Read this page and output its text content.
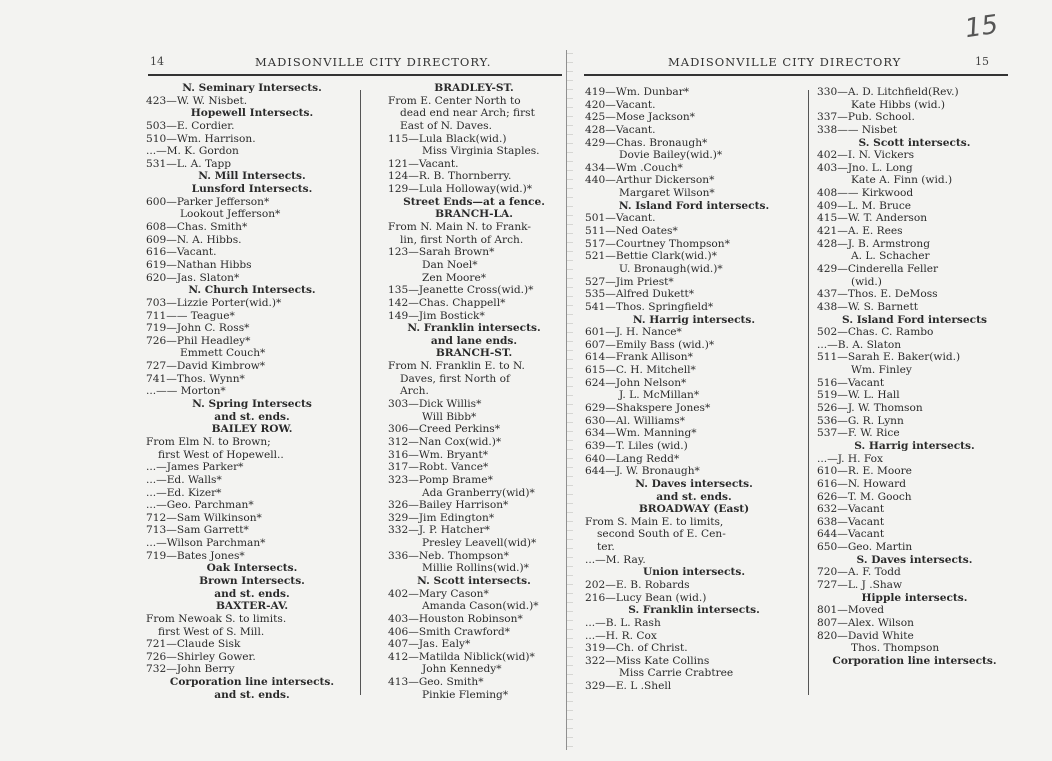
14	MADISONVILLE CITY DIRECTORY.
N. Seminary Intersects.
423—W. W. Nisbet.
Hopewell Intersects.
503—E. Cordier.
510—Wm. Harrison.
...—M. K. Gordon
531—L. A. Tapp
N. Mill Intersects.
Lunsford Intersects.
600—Parker Jefferson*
Lookout Jefferson*
608—Chas. Smith*
609—N. A. Hibbs.
616—Vacant.
619—Nathan Hibbs
620—Jas. Slaton*
N. Church Intersects.
703—Lizzie Porter(wid.)*
711—— Teague*
719—John C. Ross*
726—Phil Headley*
Emmett Couch*
727—David Kimbrow*
741—Thos. Wynn*
...—— Morton*
N. Spring Intersects
and st. ends.
BAILEY ROW.
From Elm N. to Brown;
first West of Hopewell..
...—James Parker*
...—Ed. Walls*
...—Ed. Kizer*
...—Geo. Parchman*
712—Sam Wilkinson*
713—Sam Garrett*
...—Wilson Parchman*
719—Bates Jones*
Oak Intersects.
Brown Intersects.
and st. ends.
BAXTER-AV.
From Newoak S. to limits.
first West of S. Mill.
721—Claude Sisk
726—Shirley Gower.
732—John Berry
Corporation line intersects.
and st. ends.
BRADLEY-ST.
From E. Center North to
dead end near Arch; first
East of N. Daves.
115—Lula Black(wid.)
Miss Virginia Staples.
121—Vacant.
124—R. B. Thornberry.
129—Lula Holloway(wid.)*
Street Ends—at a fence.
BRANCH-LA.
From N. Main N. to Frank-
lin, first North of Arch.
123—Sarah Brown*
Dan Noel*
Zen Moore*
135—Jeanette Cross(wid.)*
142—Chas. Chappell*
149—Jim Bostick*
N. Franklin intersects.
and lane ends.
BRANCH-ST.
From N. Franklin E. to N.
Daves, first North of
Arch.
303—Dick Willis*
Will Bibb*
306—Creed Perkins*
312—Nan Cox(wid.)*
316—Wm. Bryant*
317—Robt. Vance*
323—Pomp Brame*
Ada Granberry(wid)*
326—Bailey Harrison*
329—Jim Edington*
332—J. P. Hatcher*
Presley Leavell(wid)*
336—Neb. Thompson*
Millie Rollins(wid.)*
N. Scott intersects.
402—Mary Cason*
Amanda Cason(wid.)*
403—Houston Robinson*
406—Smith Crawford*
407—Jas. Ealy*
412—Matilda Niblick(wid)*
John Kennedy*
413—Geo. Smith*
Pinkie Fleming*
15
MADISONVILLE CITY DIRECTORY	15
419—Wm. Dunbar*
420—Vacant.
425—Mose Jackson*
428—Vacant.
429—Chas. Bronaugh*
Dovie Bailey(wid.)*
434—Wm .Couch*
440—Arthur Dickerson*
Margaret Wilson*
N. Island Ford intersects.
501—Vacant.
511—Ned Oates*
517—Courtney Thompson*
521—Bettie Clark(wid.)*
U. Bronaugh(wid.)*
527—Jim Priest*
535—Alfred Dukett*
541—Thos. Springfield*
N. Harrig intersects.
601—J. H. Nance*
607—Emily Bass (wid.)*
614—Frank Allison*
615—C. H. Mitchell*
624—John Nelson*
J. L. McMillan*
629—Shakspere Jones*
630—Al. Williams*
634—Wm. Manning*
639—T. Liles (wid.)
640—Lang Redd*
644—J. W. Bronaugh*
N. Daves intersects.
and st. ends.
BROADWAY (East)
From S. Main E. to limits,
second South of E. Cen-
ter.
...—M. Ray.
Union intersects.
202—E. B. Robards
216—Lucy Bean (wid.)
S. Franklin intersects.
...—B. L. Rash
...—H. R. Cox
319—Ch. of Christ.
322—Miss Kate Collins
Miss Carrie Crabtree
329—E. L .Shell
330—A. D. Litchfield(Rev.)
Kate Hibbs (wid.)
337—Pub. School.
338—— Nisbet
S. Scott intersects.
402—I. N. Vickers
403—Jno. L. Long
Kate A. Finn (wid.)
408—— Kirkwood
409—L. M. Bruce
415—W. T. Anderson
421—A. E. Rees
428—J. B. Armstrong
A. L. Schacher
429—Cinderella Feller
(wid.)
437—Thos. E. DeMoss
438—W. S. Barnett
S. Island Ford intersects
502—Chas. C. Rambo
...—B. A. Slaton
511—Sarah E. Baker(wid.)
Wm. Finley
516—Vacant
519—W. L. Hall
526—J. W. Thomson
536—G. R. Lynn
537—F. W. Rice
S. Harrig intersects.
...—J. H. Fox
610—R. E. Moore
616—N. Howard
626—T. M. Gooch
632—Vacant
638—Vacant
644—Vacant
650—Geo. Martin
S. Daves intersects.
720—A. F. Todd
727—L. J .Shaw
Hipple intersects.
801—Moved
807—Alex. Wilson
820—David White
Thos. Thompson
Corporation line intersects.
